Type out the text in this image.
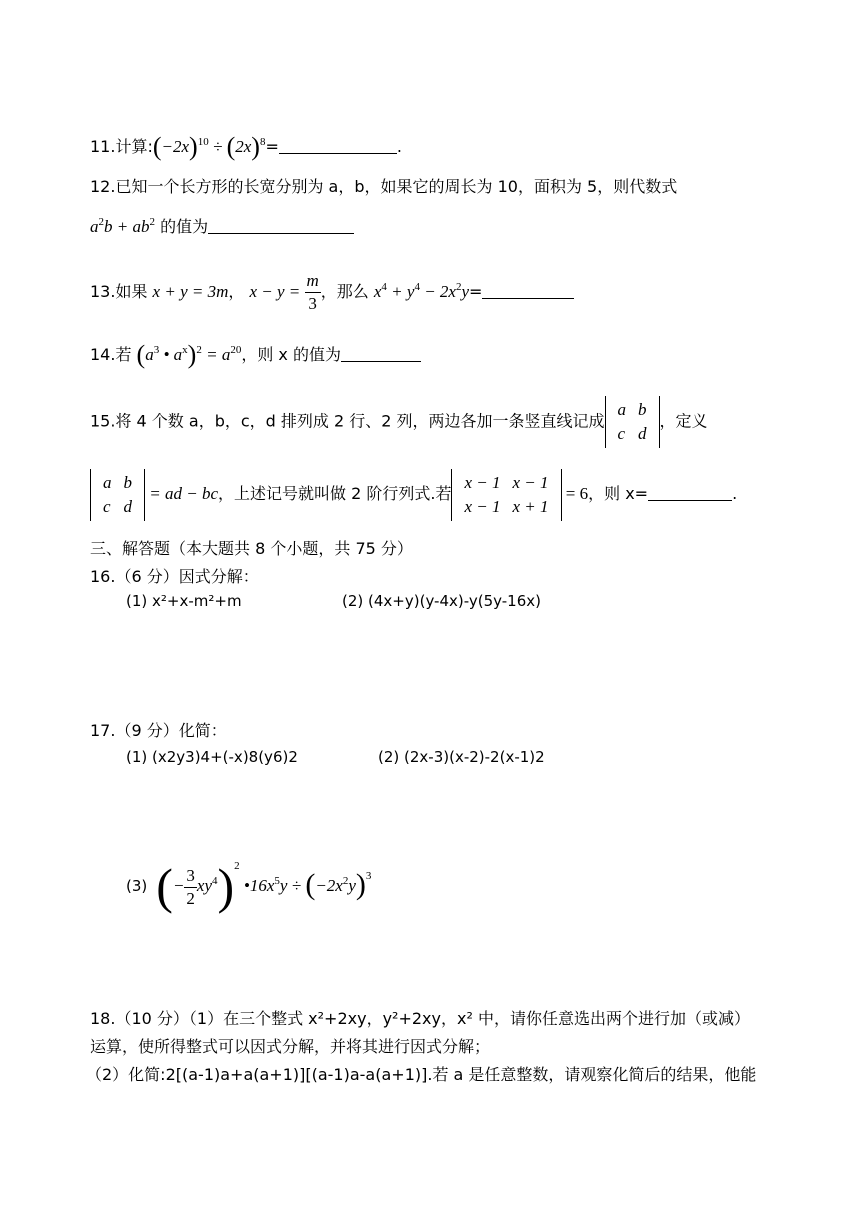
11.计算$:(-2x)^{10} \div (2x)^8=$	.
12.已知一个长方形的长宽分别为 a，b，如果它的周长为 10，面积为 5，则代数式
$a^2b + ab^2$ 的值为
13.如果 x + y = 3m， $x - y = \frac{m}{3}$ ，那么 $x^4 + y^4 - 2x^2y=$
14.若 ($a^3$ • $a^x)^2 = a^{20}$，则 x 的值为
15.将 4 个数 a，b，c，d 排列成 2 行、2 列，两边各加一条竖直线记成
a	b
c	d
，定义
a	b
c	d
= ad − bc，上述记号就叫做 2 阶行列式.若
x − 1	x − 1
x − 1	x + 1
= 6，则 x=	.
三、解答题（本大题共 8 个小题，共 75 分）
16.（6 分）因式分解：
(1) x²+x-m²+m	(2) (4x+y)(y-4x)-y(5y-16x)
17.（9 分）化简：
(1) (x2y3)4+(-x)8(y6)2	(2) (2x-3)(x-2)-2(x-1)2
(3) (− $\frac{3}{2} xy^4)^2$ $•16x^5y \div (-2x^2y)^3$
18.（10 分）（1）在三个整式 x²+2xy，y²+2xy，x² 中，请你任意选出两个进行加（或减）
运算，使所得整式可以因式分解，并将其进行因式分解；
（2）化简:2[(a-1)a+a(a+1)][(a-1)a-a(a+1)].若 a 是任意整数，请观察化简后的结果，他能
